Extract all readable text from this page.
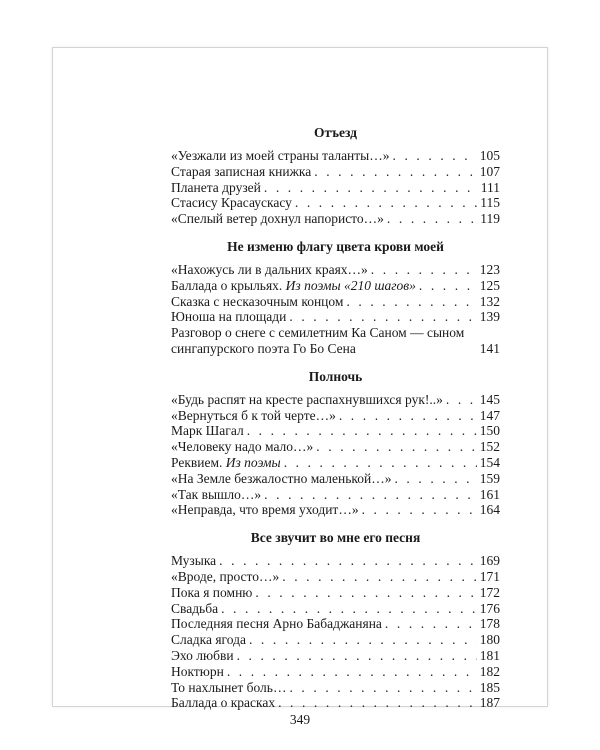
Отъезд
«Уезжали из моей страны таланты…» . . .	105
Старая записная книжка . . .	107
Планета друзей . . .	111
Стасису Красаускасу . . .	115
«Спелый ветер дохнул напористо…» . . .	119
Не изменю флагу цвета крови моей
«Нахожусь ли в дальних краях…» . . .	123
Баллада о крыльях. Из поэмы «210 шагов» . . .	125
Сказка с несказочным концом . . .	132
Юноша на площади . . .	139
Разговор о снеге с семилетним Ка Саном — сыном
сингапурского поэта Го Бо Сена	141
Полночь
«Будь распят на кресте распахнувшихся рук!..» . . .	145
«Вернуться б к той черте…» . . .	147
Марк Шагал . . .	150
«Человеку надо мало…» . . .	152
Реквием. Из поэмы . . .	154
«На Земле безжалостно маленькой…» . . .	159
«Так вышло…» . . .	161
«Неправда, что время уходит…» . . .	164
Все звучит во мне его песня
Музыка . . .	169
«Вроде, просто…» . . .	171
Пока я помню . . .	172
Свадьба . . .	176
Последняя песня Арно Бабаджаняна . . .	178
Сладка ягода . . .	180
Эхо любви . . .	181
Ноктюрн . . .	182
То нахлынет боль… . . .	185
Баллада о красках . . .	187
349
